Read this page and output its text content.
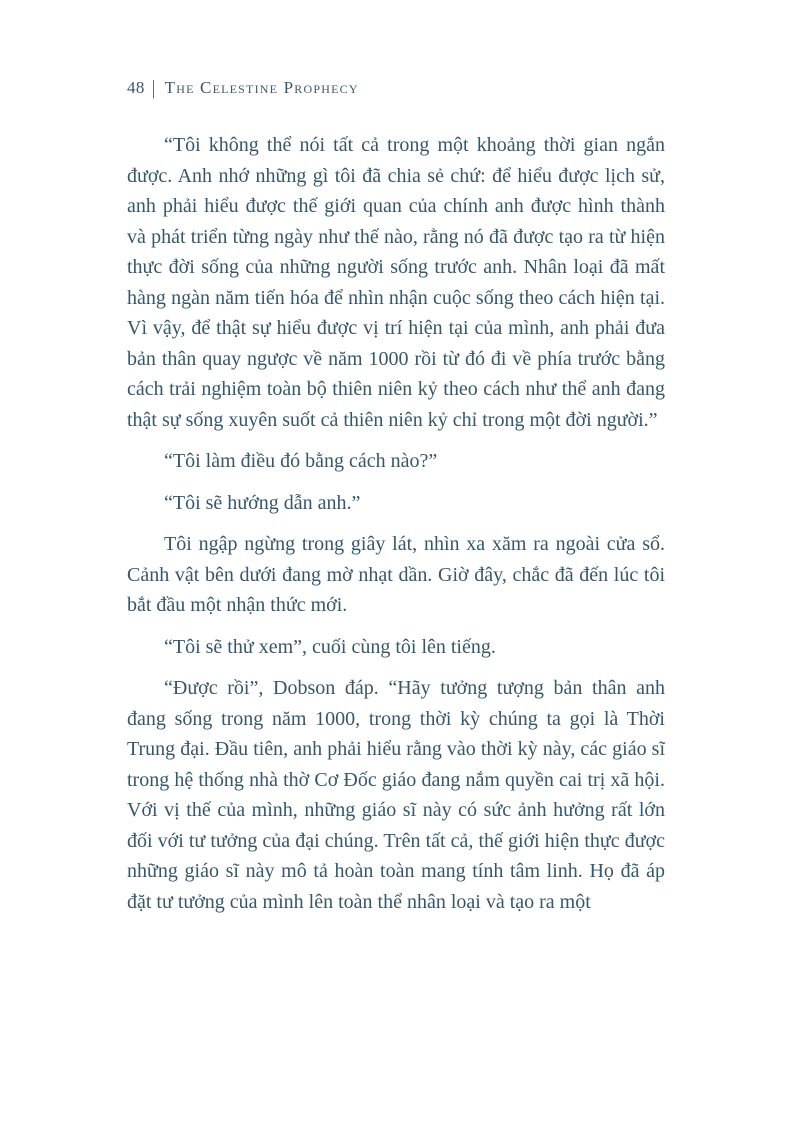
48 | The Celestine Prophecy

“Tôi không thể nói tất cả trong một khoảng thời gian ngắn được. Anh nhớ những gì tôi đã chia sẻ chứ: để hiểu được lịch sử, anh phải hiểu được thế giới quan của chính anh được hình thành và phát triển từng ngày như thế nào, rằng nó đã được tạo ra từ hiện thực đời sống của những người sống trước anh. Nhân loại đã mất hàng ngàn năm tiến hóa để nhìn nhận cuộc sống theo cách hiện tại. Vì vậy, để thật sự hiểu được vị trí hiện tại của mình, anh phải đưa bản thân quay ngược về năm 1000 rồi từ đó đi về phía trước bằng cách trải nghiệm toàn bộ thiên niên kỷ theo cách như thể anh đang thật sự sống xuyên suốt cả thiên niên kỷ chỉ trong một đời người.”

“Tôi làm điều đó bằng cách nào?”

“Tôi sẽ hướng dẫn anh.”

Tôi ngập ngừng trong giây lát, nhìn xa xăm ra ngoài cửa sổ. Cảnh vật bên dưới đang mờ nhạt dần. Giờ đây, chắc đã đến lúc tôi bắt đầu một nhận thức mới.

“Tôi sẽ thử xem”, cuối cùng tôi lên tiếng.

“Được rồi”, Dobson đáp. “Hãy tưởng tượng bản thân anh đang sống trong năm 1000, trong thời kỳ chúng ta gọi là Thời Trung đại. Đầu tiên, anh phải hiểu rằng vào thời kỳ này, các giáo sĩ trong hệ thống nhà thờ Cơ Đốc giáo đang nắm quyền cai trị xã hội. Với vị thế của mình, những giáo sĩ này có sức ảnh hưởng rất lớn đối với tư tưởng của đại chúng. Trên tất cả, thế giới hiện thực được những giáo sĩ này mô tả hoàn toàn mang tính tâm linh. Họ đã áp đặt tư tưởng của mình lên toàn thể nhân loại và tạo ra một
